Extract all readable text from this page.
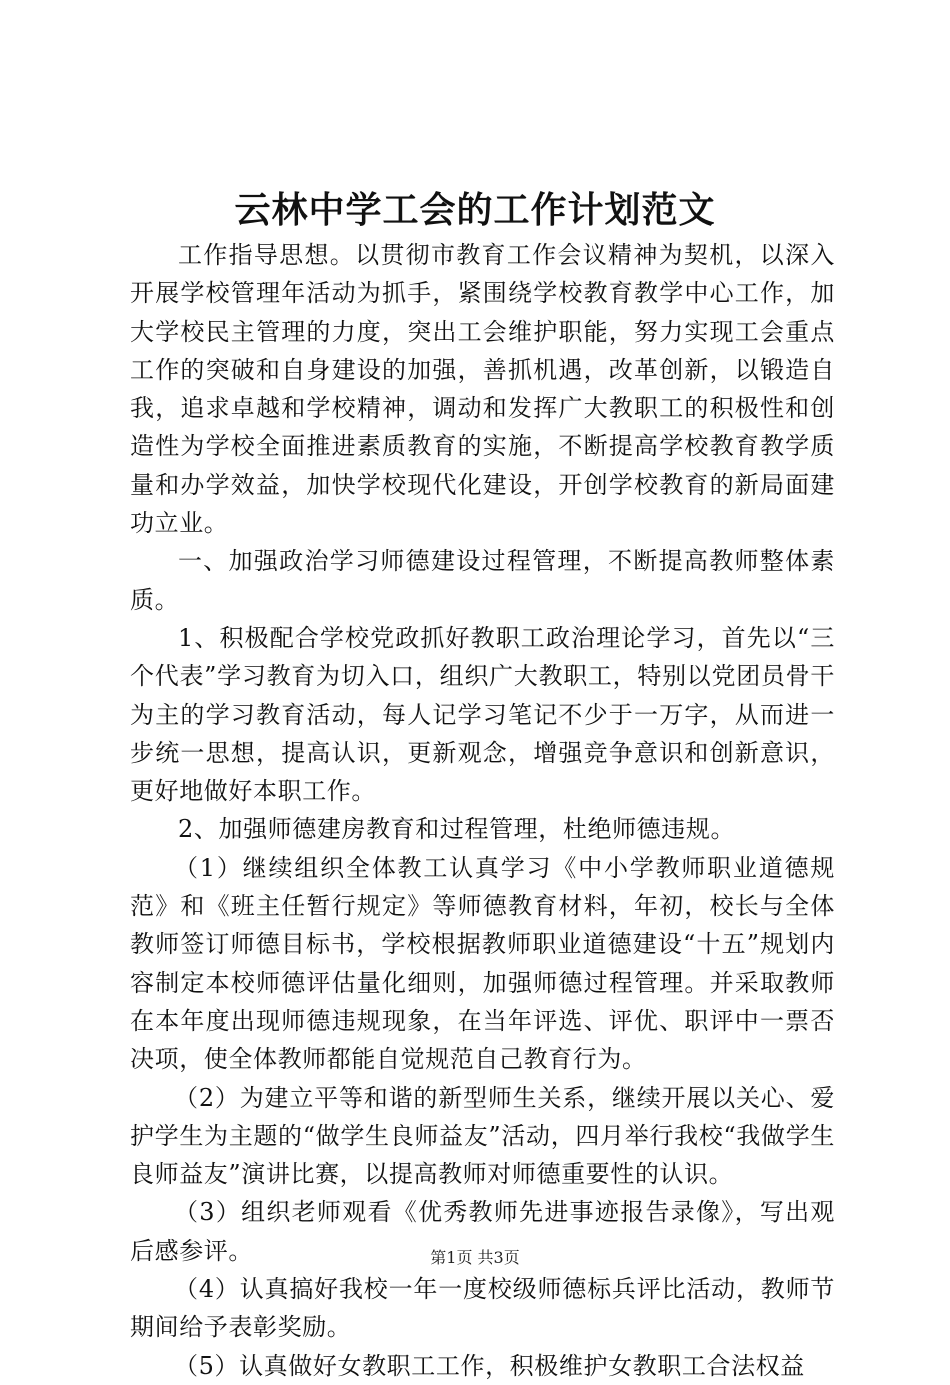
云林中学工会的工作计划范文

工作指导思想。以贯彻市教育工作会议精神为契机，以深入开展学校管理年活动为抓手，紧围绕学校教育教学中心工作，加大学校民主管理的力度，突出工会维护职能，努力实现工会重点工作的突破和自身建设的加强，善抓机遇，改革创新，以锻造自我，追求卓越和学校精神，调动和发挥广大教职工的积极性和创造性为学校全面推进素质教育的实施，不断提高学校教育教学质量和办学效益，加快学校现代化建设，开创学校教育的新局面建功立业。

一、加强政治学习师德建设过程管理，不断提高教师整体素质。

1、积极配合学校党政抓好教职工政治理论学习，首先以“三个代表”学习教育为切入口，组织广大教职工，特别以党团员骨干为主的学习教育活动，每人记学习笔记不少于一万字，从而进一步统一思想，提高认识，更新观念，增强竞争意识和创新意识，更好地做好本职工作。

2、加强师德建房教育和过程管理，杜绝师德违规。

（1）继续组织全体教工认真学习《中小学教师职业道德规范》和《班主任暂行规定》等师德教育材料，年初，校长与全体教师签订师德目标书，学校根据教师职业道德建设“十五”规划内容制定本校师德评估量化细则，加强师德过程管理。并采取教师在本年度出现师德违规现象，在当年评选、评优、职评中一票否决项，使全体教师都能自觉规范自己教育行为。

（2）为建立平等和谐的新型师生关系，继续开展以关心、爱护学生为主题的“做学生良师益友”活动，四月举行我校“我做学生良师益友”演讲比赛，以提高教师对师德重要性的认识。

（3）组织老师观看《优秀教师先进事迹报告录像》，写出观后感参评。

（4）认真搞好我校一年一度校级师德标兵评比活动，教师节期间给予表彰奖励。

（5）认真做好女教职工工作，积极维护女教职工合法权益

第1页 共3页
